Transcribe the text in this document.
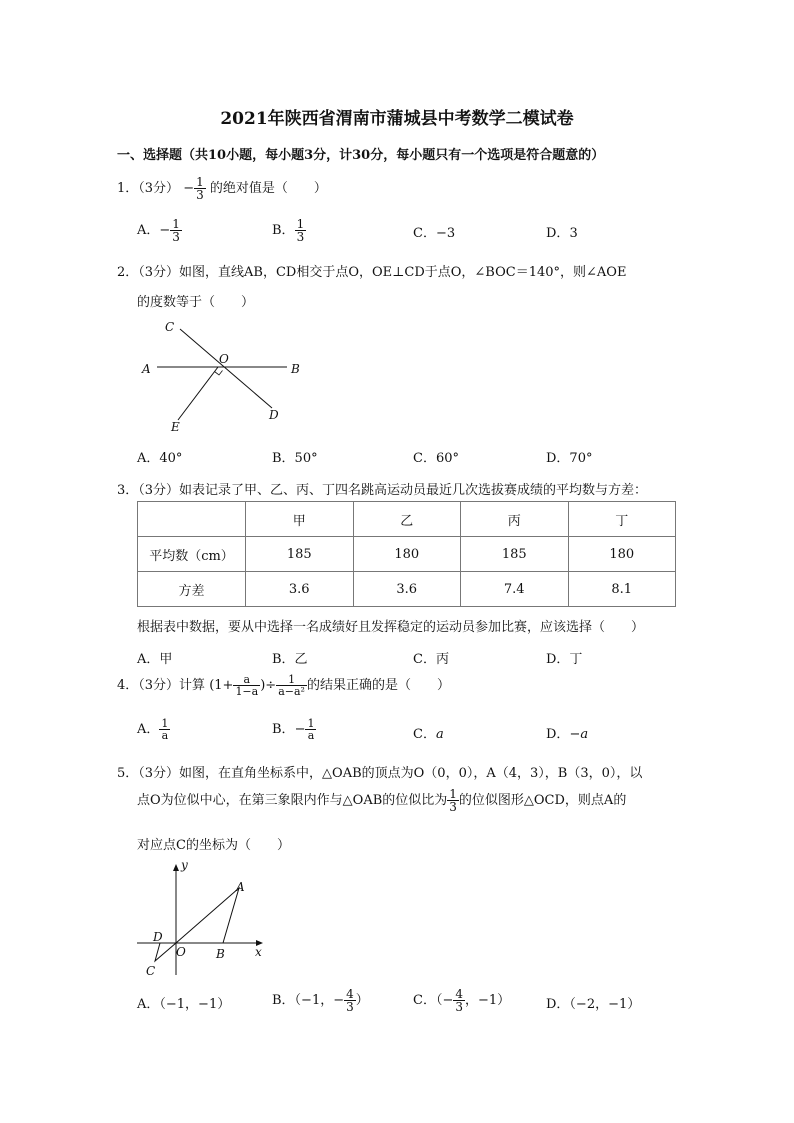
2021年陕西省渭南市蒲城县中考数学二模试卷
一、选择题（共10小题，每小题3分，计30分，每小题只有一个选项是符合题意的）
1．（3分） − $\frac{1}{3}$ 的绝对值是（　　）
A．− $\frac{1}{3}$	B． $\frac{1}{3}$	C．−3	D．3
2．（3分）如图，直线AB，CD相交于点O，OE⊥CD于点O，∠BOC＝140°，则∠AOE
的度数等于（　　）
C
O
A	B
D
E
A．40°	B．50°	C．60°	D．70°
3．（3分）如表记录了甲、乙、丙、丁四名跳高运动员最近几次选拔赛成绩的平均数与方差：
	甲	乙	丙	丁
平均数（cm）	185	180	185	180
方差	3.6	3.6	7.4	8.1
根据表中数据，要从中选择一名成绩好且发挥稳定的运动员参加比赛，应该选择（　　）
A．甲	B．乙	C．丙	D．丁
4．（3分）计算 ($1+ \frac{a}{1-a}$ )÷ $\frac{1}{\text{a−a²}}$ 的结果正确的是（　　）
A． $\frac{1}{a}$	B．− $\frac{1}{a}$	C．a	D．−a
5．（3分）如图，在直角坐标系中，△OAB的顶点为O（0，0），A（4，3），B（3，0），以
点O为位似中心，在第三象限内作与△OAB的位似比为 $\frac{1}{3}$ 的位似图形△OCD，则点A的
对应点C的坐标为（　　）
y
x
A
B
O
D
C
A．（−1，−1）	B．（−1，− $\frac{4}{3}$ ）	C．（− $\frac{4}{3}$ ，−1）	D．（−2，−1）
